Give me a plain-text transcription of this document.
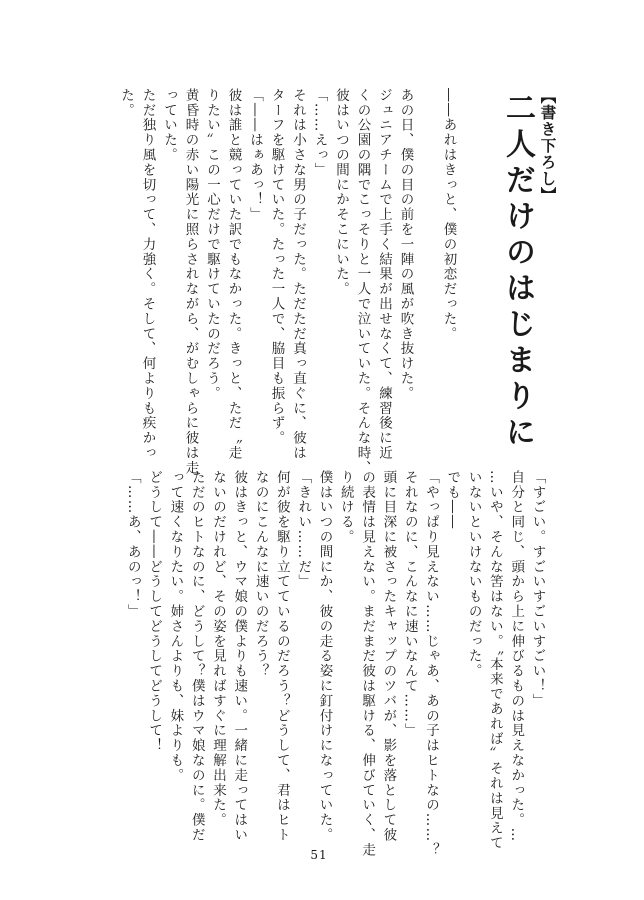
【書き下ろし】
二人だけのはじまりに
――あれはきっと、僕の初恋だった。
あの日、僕の目の前を一陣の風が吹き抜けた。
ジュニアチームで上手く結果が出せなくて、練習後に近
くの公園の隅でこっそりと一人で泣いていた。そんな時、
彼はいつの間にかそこにいた。
「……えっ」
それは小さな男の子だった。ただただ真っ直ぐに、彼は
ターフを駆けていた。たった一人で、脇目も振らず。
「――はぁあっ！」
彼は誰と競っていた訳でもなかった。きっと、ただ〝走
りたい〟この一心だけで駆けていたのだろう。
黄昏時の赤い陽光に照らされながら、がむしゃらに彼は走
っていた。
ただ独り風を切って、力強く。そして、何よりも疾かっ
た。
「すごい。すごいすごいすごい！」
自分と同じ、頭から上に伸びるものは見えなかった。…
…いや、そんな筈はない。〝本来であれば〟それは見えて
いないといけないものだった。
でも――
「やっぱり見えない……じゃあ、あの子はヒトなの……？
それなのに、こんなに速いなんて……」
頭に目深に被さったキャップのツバが、影を落として彼
の表情は見えない。まだまだ彼は駆ける、伸びていく、走
り続ける。
僕はいつの間にか、彼の走る姿に釘付けになっていた。
「きれい……だ」
何が彼を駆り立てているのだろう？どうして、君はヒト
なのにこんなに速いのだろう？
彼はきっと、ウマ娘の僕よりも速い。一緒に走ってはい
ないのだけれど、その姿を見ればすぐに理解出来た。
ただのヒトなのに、どうして？僕はウマ娘なのに。僕だ
って速くなりたい。姉さんよりも、妹よりも。
どうして――どうしてどうしてどうして！
「……あ、あのっ！」
51
